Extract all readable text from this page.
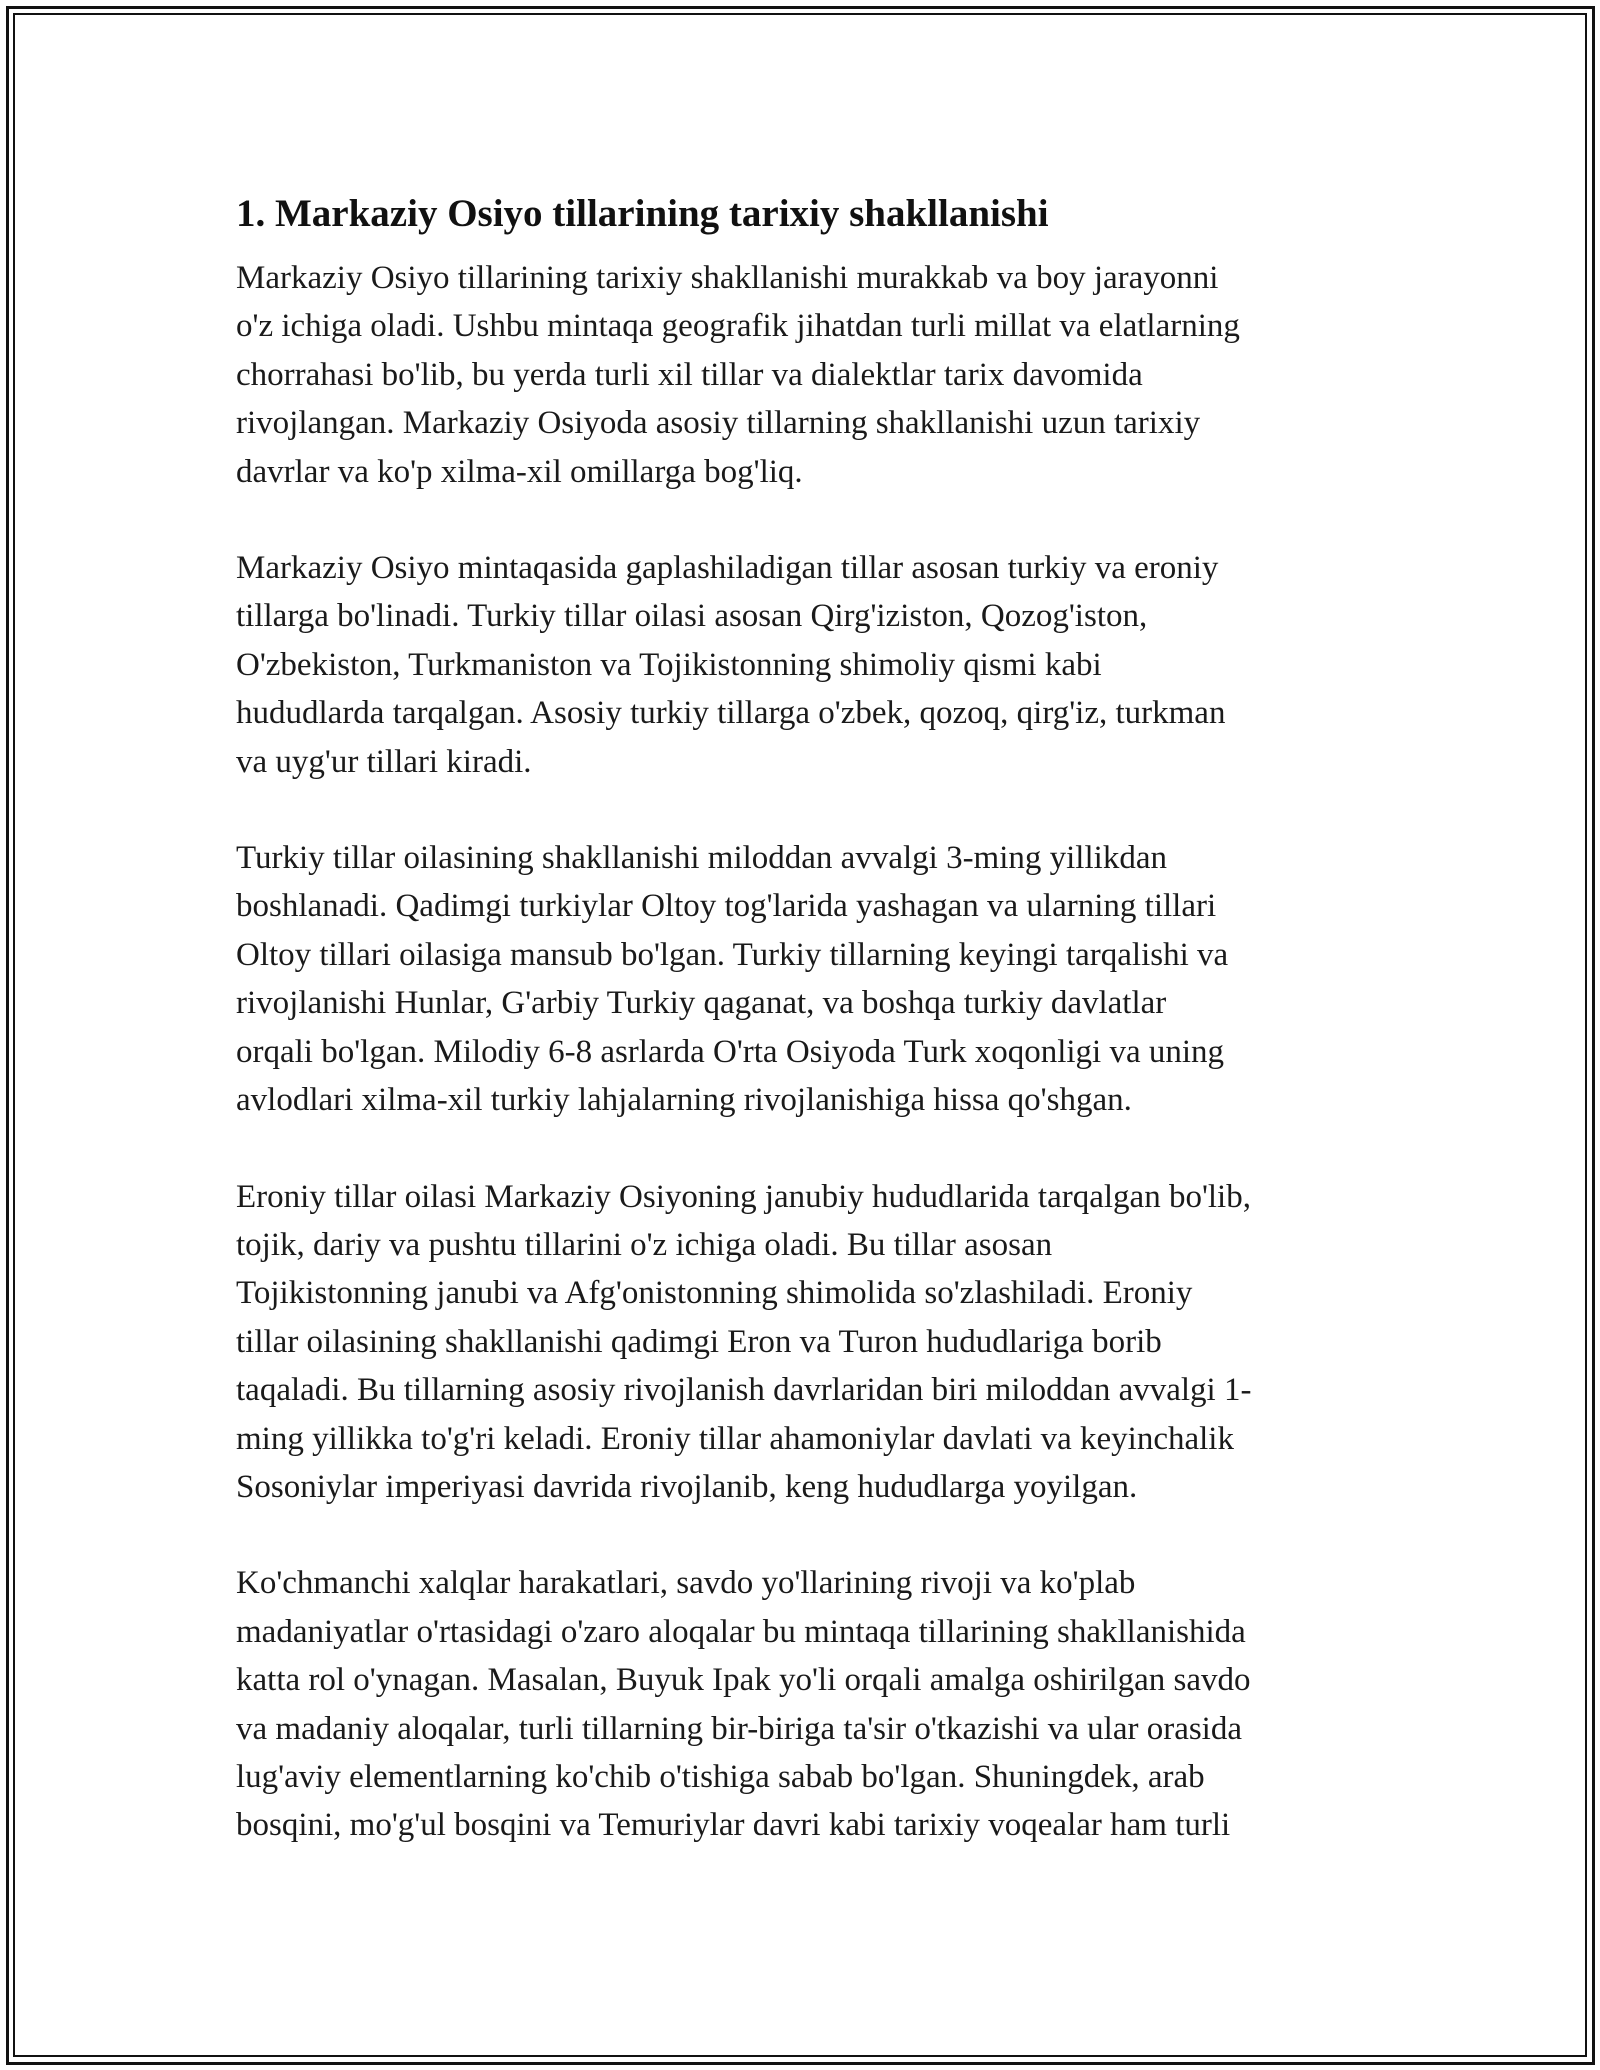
1. Markaziy Osiyo tillarining tarixiy shakllanishi

Markaziy Osiyo tillarining tarixiy shakllanishi murakkab va boy jarayonni
o'z ichiga oladi. Ushbu mintaqa geografik jihatdan turli millat va elatlarning
chorrahasi bo'lib, bu yerda turli xil tillar va dialektlar tarix davomida
rivojlangan. Markaziy Osiyoda asosiy tillarning shakllanishi uzun tarixiy
davrlar va ko'p xilma-xil omillarga bog'liq.

Markaziy Osiyo mintaqasida gaplashiladigan tillar asosan turkiy va eroniy
tillarga bo'linadi. Turkiy tillar oilasi asosan Qirg'iziston, Qozog'iston,
O'zbekiston, Turkmaniston va Tojikistonning shimoliy qismi kabi
hududlarda tarqalgan. Asosiy turkiy tillarga o'zbek, qozoq, qirg'iz, turkman
va uyg'ur tillari kiradi.

Turkiy tillar oilasining shakllanishi miloddan avvalgi 3-ming yillikdan
boshlanadi. Qadimgi turkiylar Oltoy tog'larida yashagan va ularning tillari
Oltoy tillari oilasiga mansub bo'lgan. Turkiy tillarning keyingi tarqalishi va
rivojlanishi Hunlar, G'arbiy Turkiy qaganat, va boshqa turkiy davlatlar
orqali bo'lgan. Milodiy 6-8 asrlarda O'rta Osiyoda Turk xoqonligi va uning
avlodlari xilma-xil turkiy lahjalarning rivojlanishiga hissa qo'shgan.

Eroniy tillar oilasi Markaziy Osiyoning janubiy hududlarida tarqalgan bo'lib,
tojik, dariy va pushtu tillarini o'z ichiga oladi. Bu tillar asosan
Tojikistonning janubi va Afg'onistonning shimolida so'zlashiladi. Eroniy
tillar oilasining shakllanishi qadimgi Eron va Turon hududlariga borib
taqaladi. Bu tillarning asosiy rivojlanish davrlaridan biri miloddan avvalgi 1-
ming yillikka to'g'ri keladi. Eroniy tillar ahamoniylar davlati va keyinchalik
Sosoniylar imperiyasi davrida rivojlanib, keng hududlarga yoyilgan.

Ko'chmanchi xalqlar harakatlari, savdo yo'llarining rivoji va ko'plab
madaniyatlar o'rtasidagi o'zaro aloqalar bu mintaqa tillarining shakllanishida
katta rol o'ynagan. Masalan, Buyuk Ipak yo'li orqali amalga oshirilgan savdo
va madaniy aloqalar, turli tillarning bir-biriga ta'sir o'tkazishi va ular orasida
lug'aviy elementlarning ko'chib o'tishiga sabab bo'lgan. Shuningdek, arab
bosqini, mo'g'ul bosqini va Temuriylar davri kabi tarixiy voqealar ham turli
